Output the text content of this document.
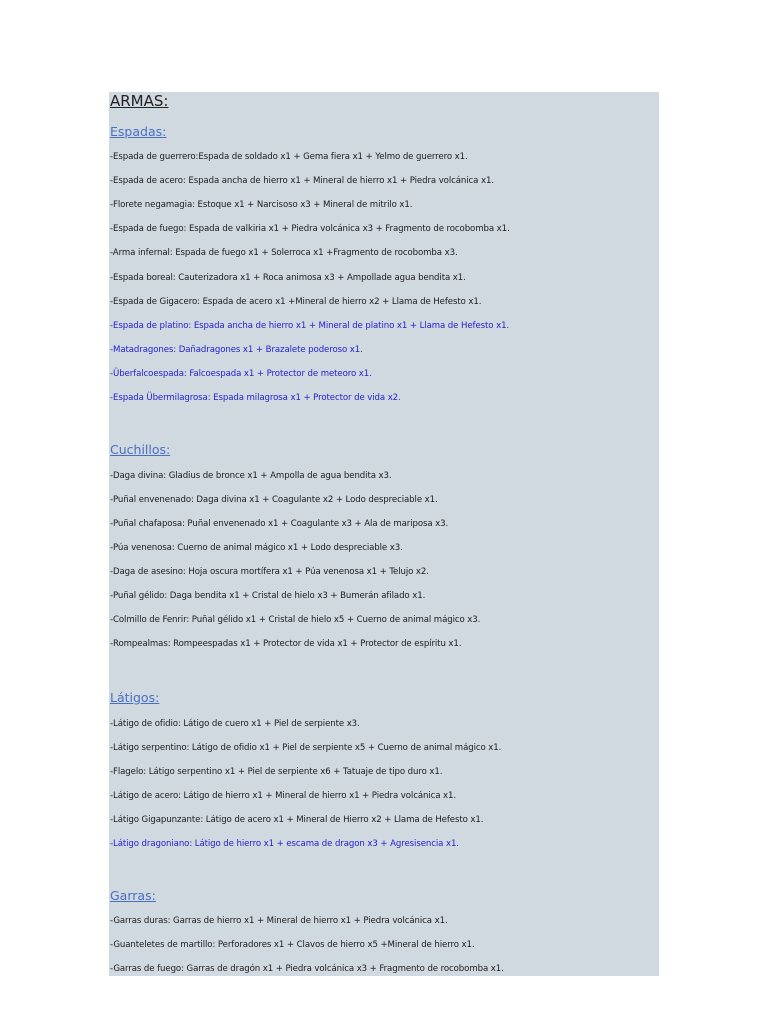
ARMAS:
Espadas:
-Espada de guerrero:Espada de soldado x1 + Gema fiera x1 + Yelmo de guerrero x1.
-Espada de acero: Espada ancha de hierro x1 + Mineral de hierro x1 + Piedra volcánica x1.
-Florete negamagia: Estoque x1 + Narcisoso x3 + Mineral de mitrilo x1.
-Espada de fuego: Espada de valkiria x1 + Piedra volcánica x3 + Fragmento de rocobomba x1.
-Arma infernal: Espada de fuego x1 + Solerroca x1 +Fragmento de rocobomba x3.
-Espada boreal: Cauterizadora x1 + Roca animosa x3 + Ampollade agua bendita x1.
-Espada de Gigacero: Espada de acero x1 +Mineral de hierro x2 + Llama de Hefesto x1.
-Espada de platino: Espada ancha de hierro x1 + Mineral de platino x1 + Llama de Hefesto x1.
-Matadragones: Dañadragones x1 + Brazalete poderoso x1.
-Überfalcoespada: Falcoespada x1 + Protector de meteoro x1.
-Espada Übermilagrosa: Espada milagrosa x1 + Protector de vida x2.
Cuchillos:
-Daga divina: Gladius de bronce x1 + Ampolla de agua bendita x3.
-Puñal envenenado: Daga divina x1 + Coagulante x2 + Lodo despreciable x1.
-Puñal chafaposa: Puñal envenenado x1 + Coagulante x3 + Ala de mariposa x3.
-Púa venenosa: Cuerno de animal mágico x1 + Lodo despreciable x3.
-Daga de asesino: Hoja oscura mortífera x1 + Púa venenosa x1 + Telujo x2.
-Puñal gélido: Daga bendita x1 + Cristal de hielo x3 + Bumerán afilado x1.
-Colmillo de Fenrir: Puñal gélido x1 + Cristal de hielo x5 + Cuerno de animal mágico x3.
-Rompealmas: Rompeespadas x1 + Protector de vida x1 + Protector de espíritu x1.
Látigos:
-Látigo de ofidio: Látigo de cuero x1 + Piel de serpiente x3.
-Látigo serpentino: Látigo de ofidio x1 + Piel de serpiente x5 + Cuerno de animal mágico x1.
-Flagelo: Látigo serpentino x1 + Piel de serpiente x6 + Tatuaje de tipo duro x1.
-Látigo de acero: Látigo de hierro x1 + Mineral de hierro x1 + Piedra volcánica x1.
-Látigo Gigapunzante: Látigo de acero x1 + Mineral de Hierro x2 + Llama de Hefesto x1.
-Látigo dragoniano: Látigo de hierro x1 + escama de dragon x3 + Agresisencia x1.
Garras:
-Garras duras: Garras de hierro x1 + Mineral de hierro x1 + Piedra volcánica x1.
-Guanteletes de martillo: Perforadores x1 + Clavos de hierro x5 +Mineral de hierro x1.
-Garras de fuego: Garras de dragón x1 + Piedra volcánica x3 + Fragmento de rocobomba x1.
